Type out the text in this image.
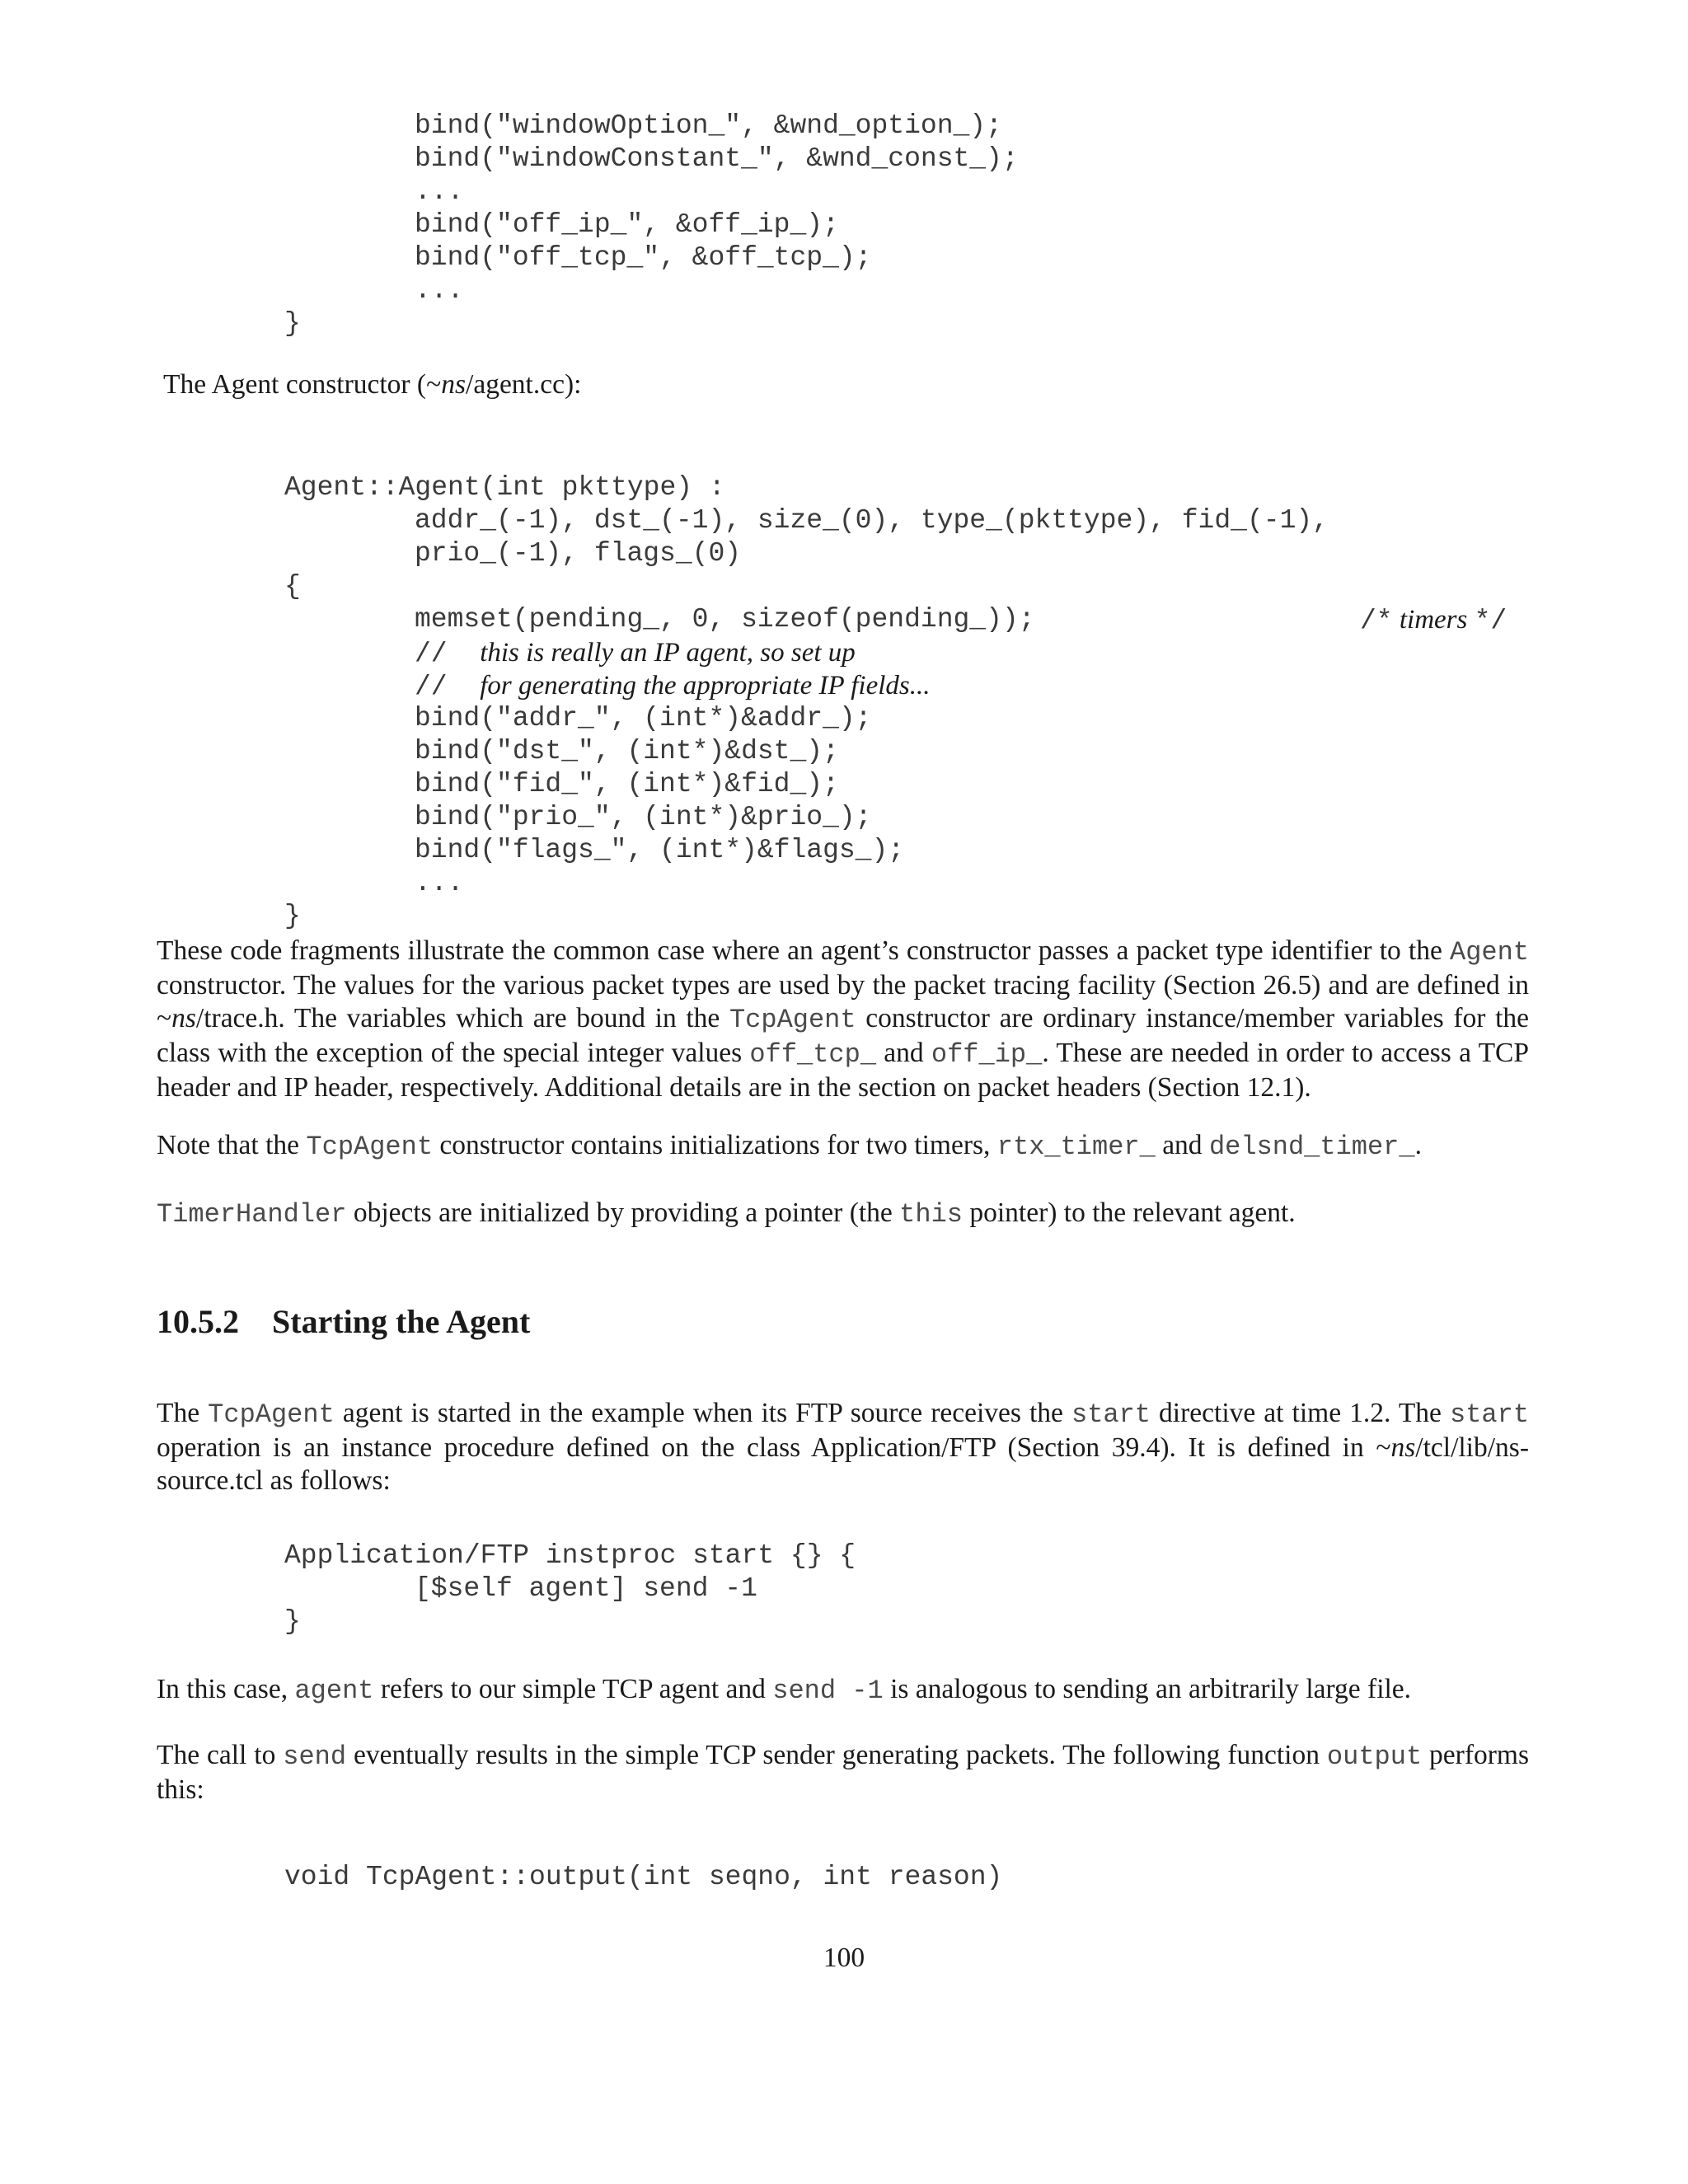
bind("windowOption_", &wnd_option_);
bind("windowConstant_", &wnd_const_);
...
bind("off_ip_", &off_ip_);
bind("off_tcp_", &off_tcp_);
...
}
The Agent constructor (~ns/agent.cc):
Agent::Agent(int pkttype) :
addr_(-1), dst_(-1), size_(0), type_(pkttype), fid_(-1),
prio_(-1), flags_(0)
{
memset(pending_, 0, sizeof(pending_));	/* timers */
// this is really an IP agent, so set up
// for generating the appropriate IP fields...
bind("addr_", (int*)&addr_);
bind("dst_", (int*)&dst_);
bind("fid_", (int*)&fid_);
bind("prio_", (int*)&prio_);
bind("flags_", (int*)&flags_);
...
}
These code fragments illustrate the common case where an agent’s constructor passes a packet type identifier to the Agent constructor. The values for the various packet types are used by the packet tracing facility (Section 26.5) and are defined in ~ns/trace.h. The variables which are bound in the TcpAgent constructor are ordinary instance/member variables for the class with the exception of the special integer values off_tcp_ and off_ip_. These are needed in order to access a TCP header and IP header, respectively. Additional details are in the section on packet headers (Section 12.1).
Note that the TcpAgent constructor contains initializations for two timers, rtx_timer_ and delsnd_timer_.
TimerHandler objects are initialized by providing a pointer (the this pointer) to the relevant agent.
10.5.2 Starting the Agent
The TcpAgent agent is started in the example when its FTP source receives the start directive at time 1.2. The start operation is an instance procedure defined on the class Application/FTP (Section 39.4). It is defined in ~ns/tcl/lib/ns-source.tcl as follows:
Application/FTP instproc start {} {
[$self agent] send -1
}
In this case, agent refers to our simple TCP agent and send -1 is analogous to sending an arbitrarily large file.
The call to send eventually results in the simple TCP sender generating packets. The following function output performs this:
void TcpAgent::output(int seqno, int reason)
100
